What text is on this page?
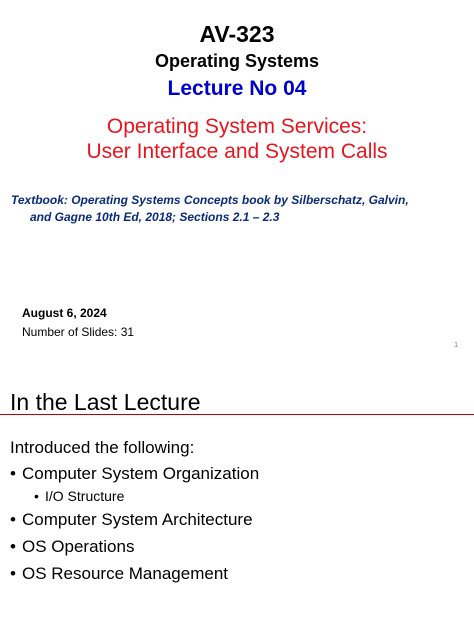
AV-323
Operating Systems
Lecture No 04
Operating System Services:
User Interface and System Calls
Textbook: Operating Systems Concepts book by Silberschatz, Galvin,
and Gagne 10th Ed, 2018; Sections 2.1 – 2.3
August 6, 2024
Number of Slides: 31
1
In the Last Lecture
Introduced the following:
• Computer System Organization
• I/O Structure
• Computer System Architecture
• OS Operations
• OS Resource Management
